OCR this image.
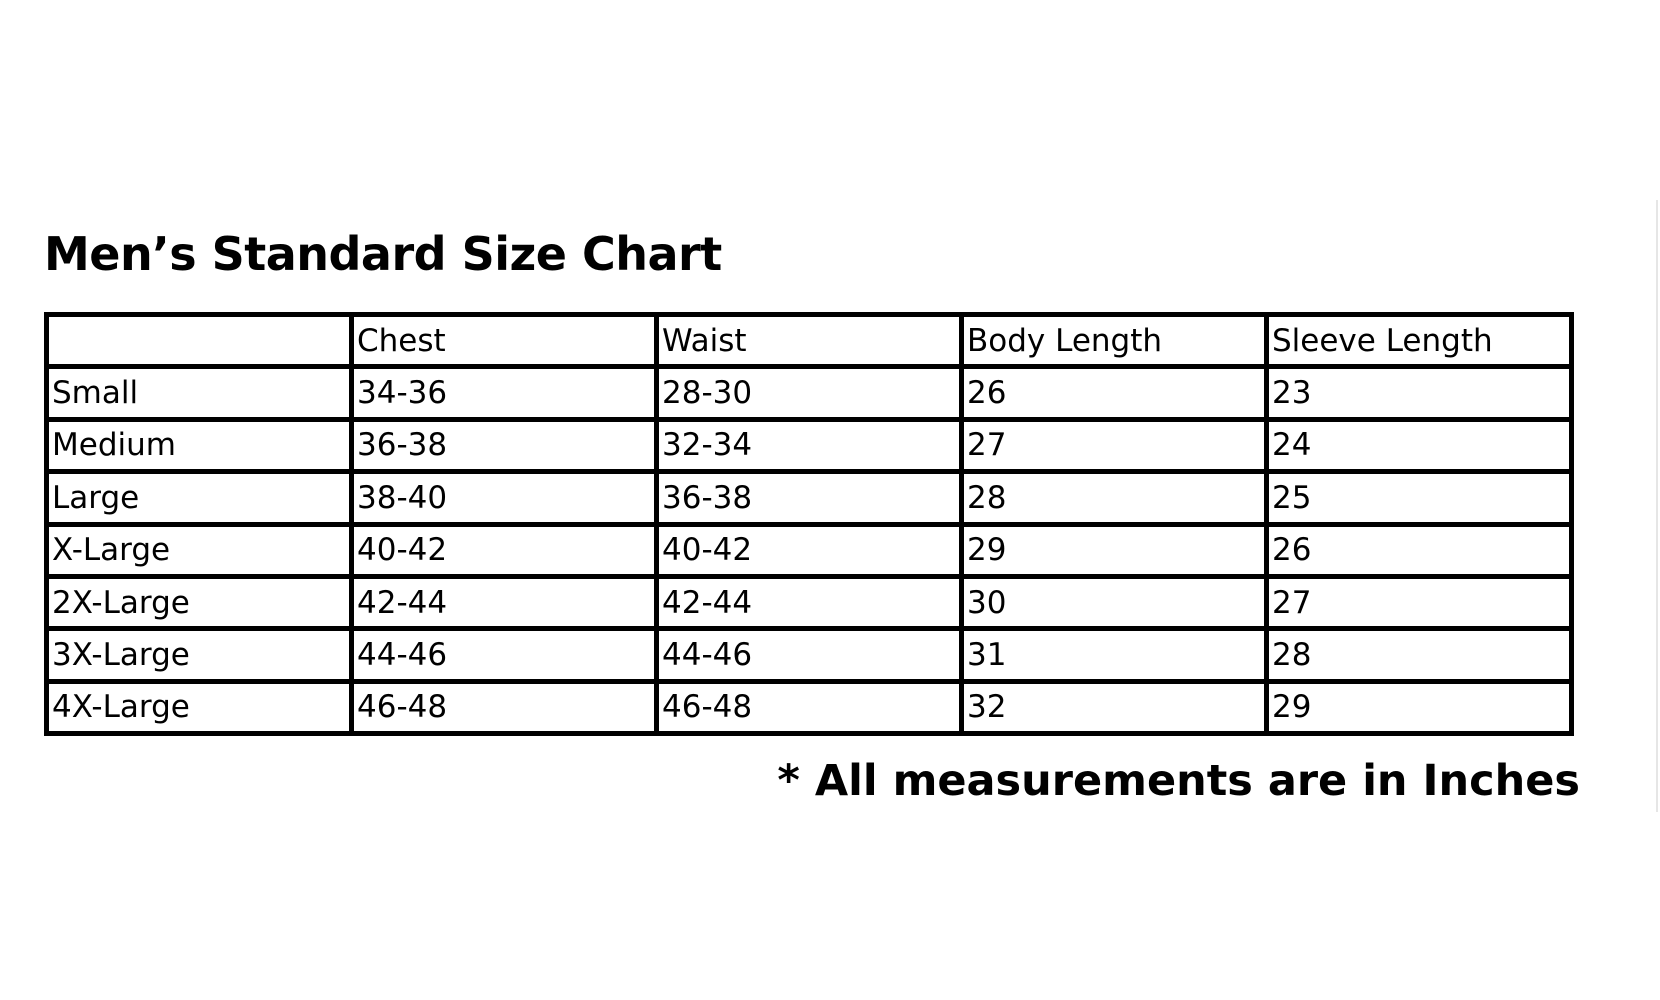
Men’s Standard Size Chart
	Chest	Waist	Body Length	Sleeve Length
Small	34-36	28-30	26	23
Medium	36-38	32-34	27	24
Large	38-40	36-38	28	25
X-Large	40-42	40-42	29	26
2X-Large	42-44	42-44	30	27
3X-Large	44-46	44-46	31	28
4X-Large	46-48	46-48	32	29

* All measurements are in Inches
